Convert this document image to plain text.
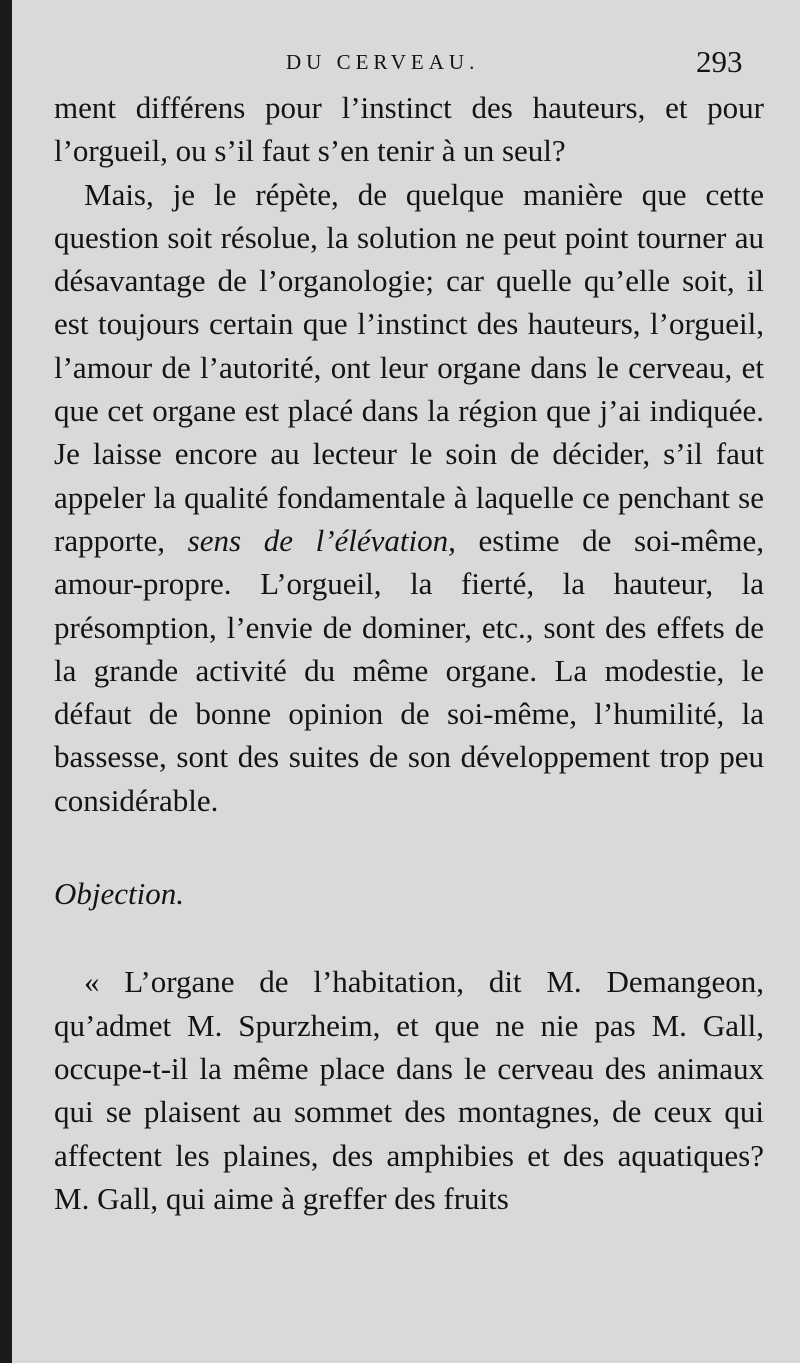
DU CERVEAU.	293

ment différens pour l’instinct des hauteurs, et pour l’orgueil, ou s’il faut s’en tenir à un seul?

Mais, je le répète, de quelque manière que cette question soit résolue, la solution ne peut point tourner au désavantage de l’organologie; car quelle qu’elle soit, il est toujours certain que l’instinct des hauteurs, l’orgueil, l’amour de l’autorité, ont leur organe dans le cerveau, et que cet organe est placé dans la région que j’ai indiquée. Je laisse encore au lecteur le soin de décider, s’il faut appeler la qualité fondamentale à laquelle ce penchant se rapporte, sens de l’élévation, estime de soi-même, amour-propre. L’orgueil, la fierté, la hauteur, la présomption, l’envie de dominer, etc., sont des effets de la grande activité du même organe. La modestie, le défaut de bonne opinion de soi-même, l’humilité, la bassesse, sont des suites de son développement trop peu considérable.

Objection.

« L’organe de l’habitation, dit M. Demangeon, qu’admet M. Spurzheim, et que ne nie pas M. Gall, occupe-t-il la même place dans le cerveau des animaux qui se plaisent au sommet des montagnes, de ceux qui affectent les plaines, des amphibies et des aquatiques? M. Gall, qui aime à greffer des fruits
